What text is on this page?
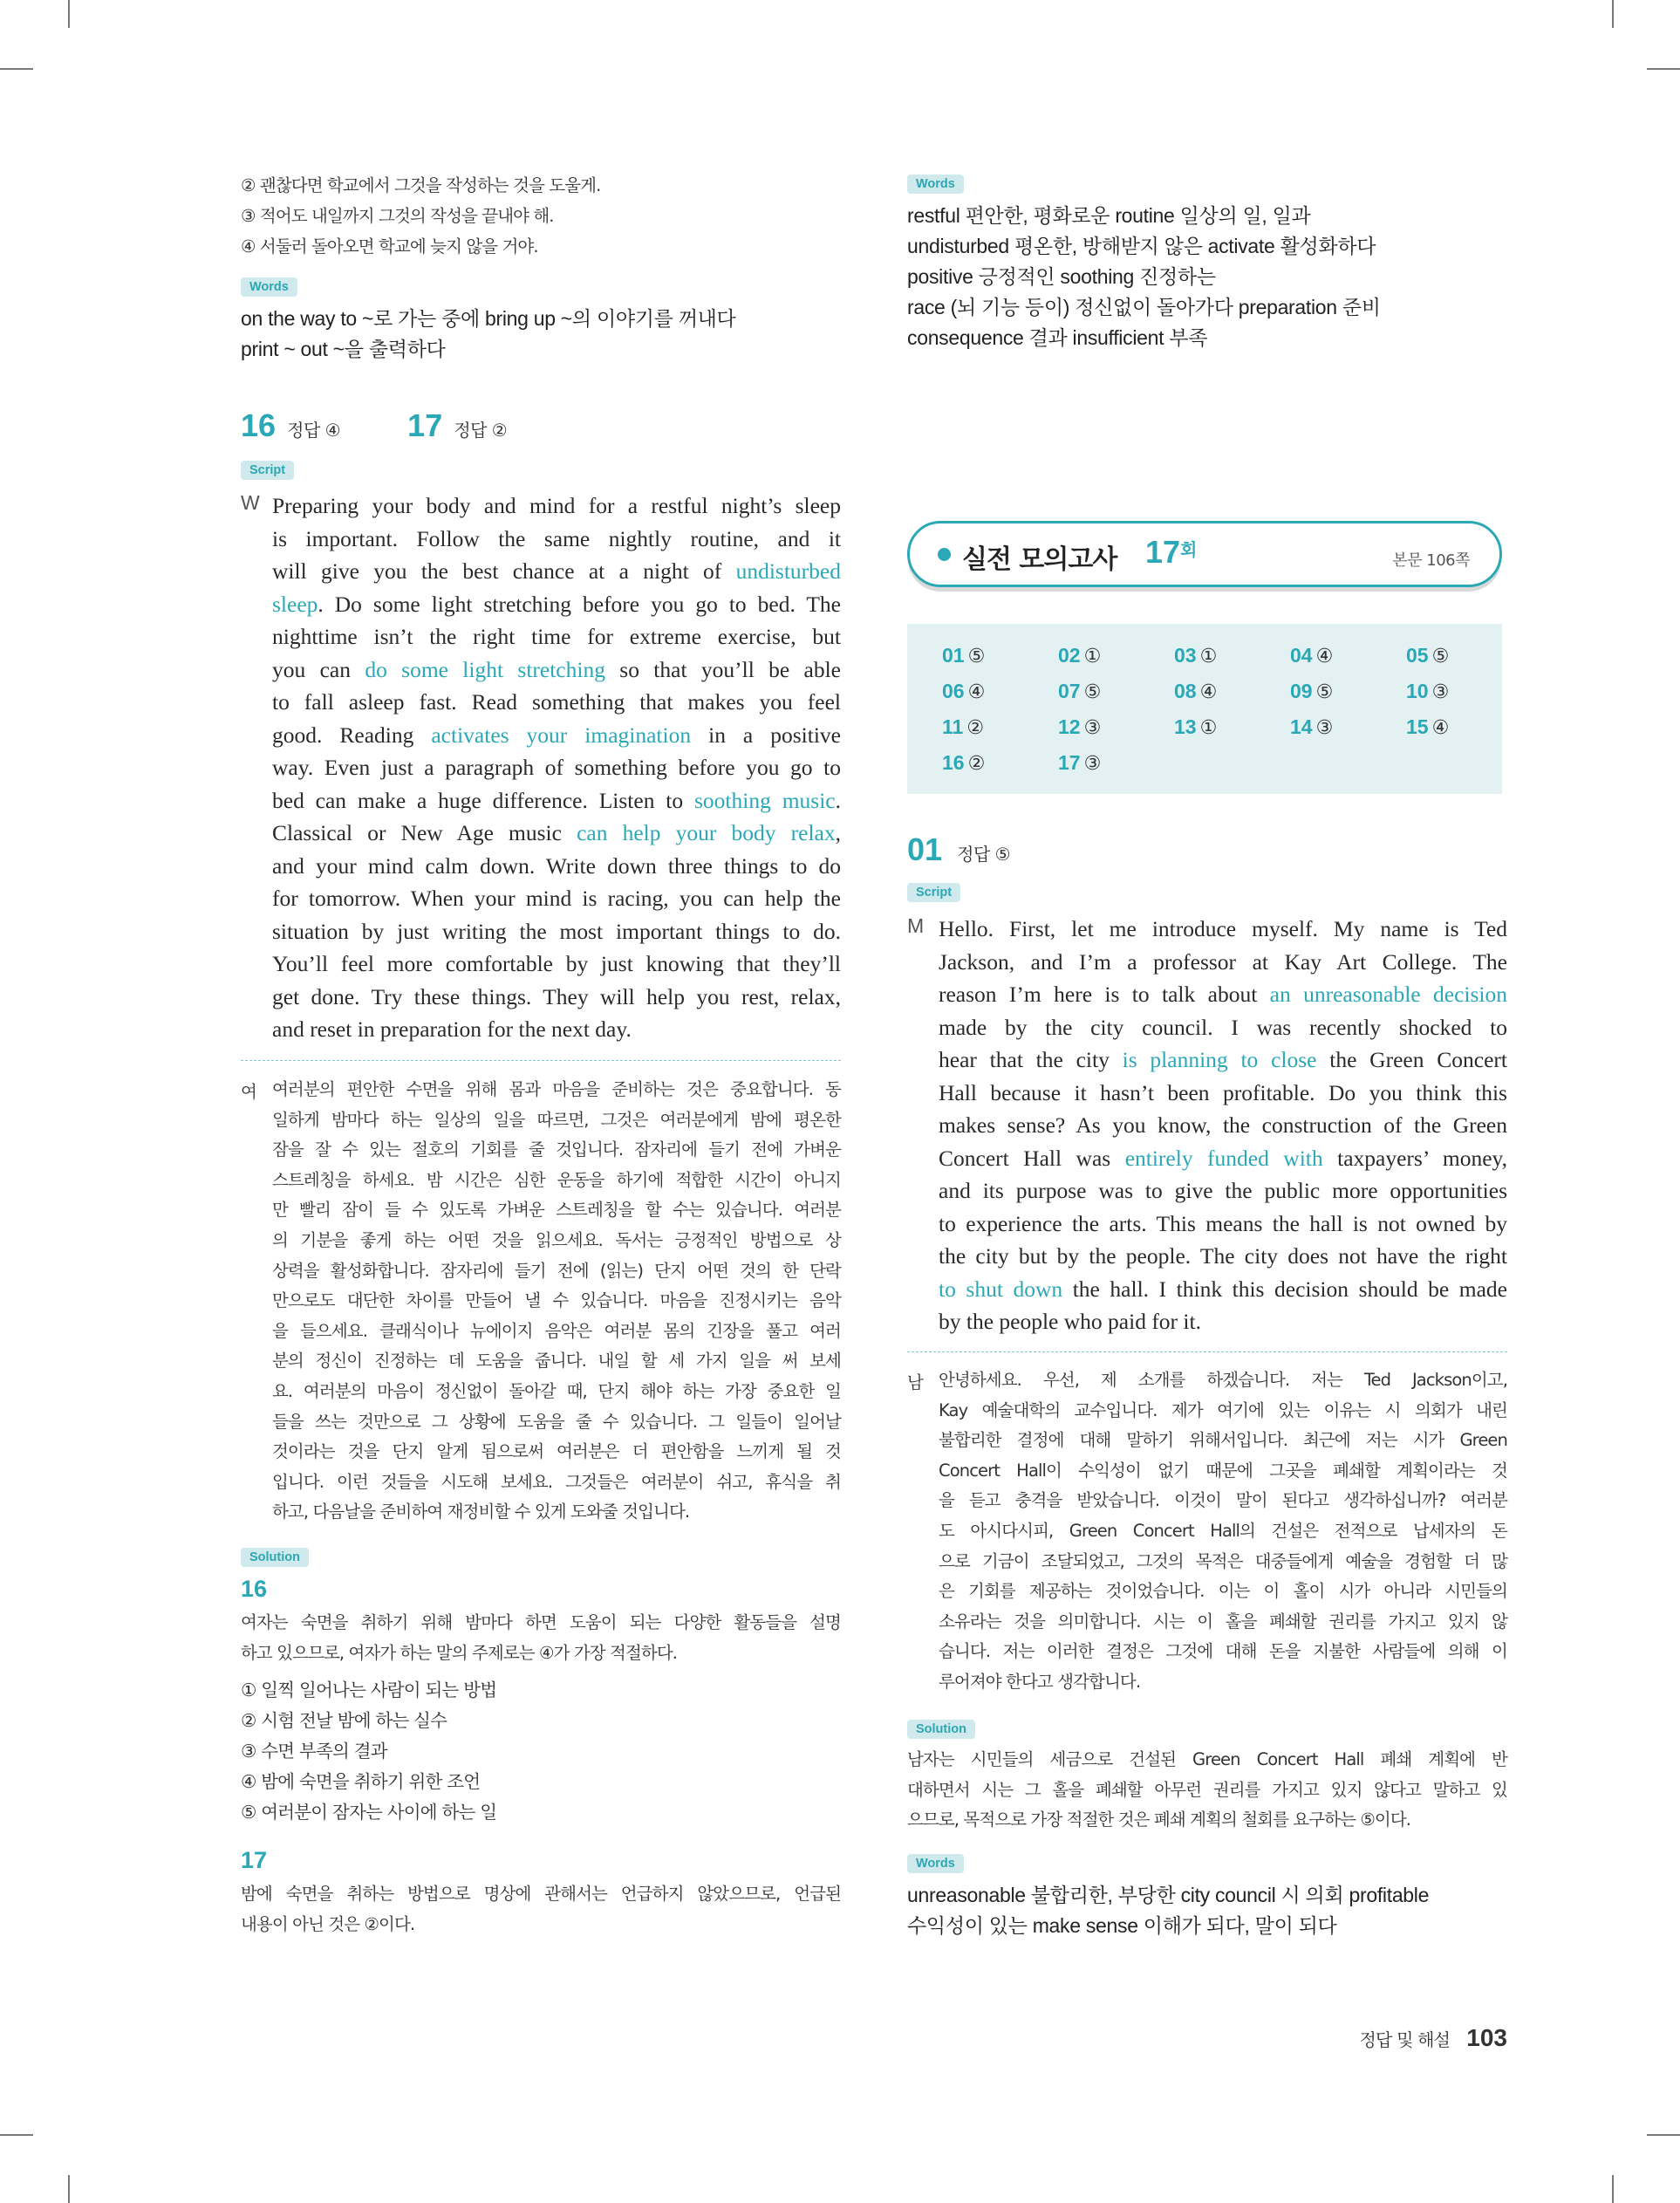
② 괜찮다면 학교에서 그것을 작성하는 것을 도울게.
③ 적어도 내일까지 그것의 작성을 끝내야 해.
④ 서둘러 돌아오면 학교에 늦지 않을 거야.
Words
on the way to ~로 가는 중에 bring up ~의 이야기를 꺼내다
print ~ out ~을 출력하다
16 정답 ④ 17 정답 ②
Script
W Preparing your body and mind for a restful night’s sleep
is important. Follow the same nightly routine, and it
will give you the best chance at a night of undisturbed
sleep. Do some light stretching before you go to bed. The
nighttime isn’t the right time for extreme exercise, but
you can do some light stretching so that you’ll be able
to fall asleep fast. Read something that makes you feel
good. Reading activates your imagination in a positive
way. Even just a paragraph of something before you go to
bed can make a huge difference. Listen to soothing music.
Classical or New Age music can help your body relax,
and your mind calm down. Write down three things to do
for tomorrow. When your mind is racing, you can help the
situation by just writing the most important things to do.
You’ll feel more comfortable by just knowing that they’ll
get done. Try these things. They will help you rest, relax,
and reset in preparation for the next day.
여 여러분의 편안한 수면을 위해 몸과 마음을 준비하는 것은 중요합니다. 동
일하게 밤마다 하는 일상의 일을 따르면, 그것은 여러분에게 밤에 평온한
잠을 잘 수 있는 절호의 기회를 줄 것입니다. 잠자리에 들기 전에 가벼운
스트레칭을 하세요. 밤 시간은 심한 운동을 하기에 적합한 시간이 아니지
만 빨리 잠이 들 수 있도록 가벼운 스트레칭을 할 수는 있습니다. 여러분
의 기분을 좋게 하는 어떤 것을 읽으세요. 독서는 긍정적인 방법으로 상
상력을 활성화합니다. 잠자리에 들기 전에 (읽는) 단지 어떤 것의 한 단락
만으로도 대단한 차이를 만들어 낼 수 있습니다. 마음을 진정시키는 음악
을 들으세요. 클래식이나 뉴에이지 음악은 여러분 몸의 긴장을 풀고 여러
분의 정신이 진정하는 데 도움을 줍니다. 내일 할 세 가지 일을 써 보세
요. 여러분의 마음이 정신없이 돌아갈 때, 단지 해야 하는 가장 중요한 일
들을 쓰는 것만으로 그 상황에 도움을 줄 수 있습니다. 그 일들이 일어날
것이라는 것을 단지 알게 됨으로써 여러분은 더 편안함을 느끼게 될 것
입니다. 이런 것들을 시도해 보세요. 그것들은 여러분이 쉬고, 휴식을 취
하고, 다음날을 준비하여 재정비할 수 있게 도와줄 것입니다.
Solution
16
여자는 숙면을 취하기 위해 밤마다 하면 도움이 되는 다양한 활동들을 설명
하고 있으므로, 여자가 하는 말의 주제로는 ④가 가장 적절하다.
① 일찍 일어나는 사람이 되는 방법
② 시험 전날 밤에 하는 실수
③ 수면 부족의 결과
④ 밤에 숙면을 취하기 위한 조언
⑤ 여러분이 잠자는 사이에 하는 일
17
밤에 숙면을 취하는 방법으로 명상에 관해서는 언급하지 않았으므로, 언급된
내용이 아닌 것은 ②이다.
Words
restful 편안한, 평화로운 routine 일상의 일, 일과
undisturbed 평온한, 방해받지 않은 activate 활성화하다
positive 긍정적인 soothing 진정하는
race (뇌 기능 등이) 정신없이 돌아가다 preparation 준비
consequence 결과 insufficient 부족
실전 모의고사 17회
본문 106쪽
01 ⑤	02 ①	03 ①	04 ④	05 ⑤
06 ④	07 ⑤	08 ④	09 ⑤	10 ③
11 ②	12 ③	13 ①	14 ③	15 ④
16 ②	17 ③
01 정답 ⑤
Script
M Hello. First, let me introduce myself. My name is Ted
Jackson, and I’m a professor at Kay Art College. The
reason I’m here is to talk about an unreasonable decision
made by the city council. I was recently shocked to
hear that the city is planning to close the Green Concert
Hall because it hasn’t been profitable. Do you think this
makes sense? As you know, the construction of the Green
Concert Hall was entirely funded with taxpayers’ money,
and its purpose was to give the public more opportunities
to experience the arts. This means the hall is not owned by
the city but by the people. The city does not have the right
to shut down the hall. I think this decision should be made
by the people who paid for it.
남 안녕하세요. 우선, 제 소개를 하겠습니다. 저는 Ted Jackson이고,
Kay 예술대학의 교수입니다. 제가 여기에 있는 이유는 시 의회가 내린
불합리한 결정에 대해 말하기 위해서입니다. 최근에 저는 시가 Green
Concert Hall이 수익성이 없기 때문에 그곳을 폐쇄할 계획이라는 것
을 듣고 충격을 받았습니다. 이것이 말이 된다고 생각하십니까? 여러분
도 아시다시피, Green Concert Hall의 건설은 전적으로 납세자의 돈
으로 기금이 조달되었고, 그것의 목적은 대중들에게 예술을 경험할 더 많
은 기회를 제공하는 것이었습니다. 이는 이 홀이 시가 아니라 시민들의
소유라는 것을 의미합니다. 시는 이 홀을 폐쇄할 권리를 가지고 있지 않
습니다. 저는 이러한 결정은 그것에 대해 돈을 지불한 사람들에 의해 이
루어져야 한다고 생각합니다.
Solution
남자는 시민들의 세금으로 건설된 Green Concert Hall 폐쇄 계획에 반
대하면서 시는 그 홀을 폐쇄할 아무런 권리를 가지고 있지 않다고 말하고 있
으므로, 목적으로 가장 적절한 것은 폐쇄 계획의 철회를 요구하는 ⑤이다.
Words
unreasonable 불합리한, 부당한 city council 시 의회 profitable
수익성이 있는 make sense 이해가 되다, 말이 되다
정답 및 해설 103
